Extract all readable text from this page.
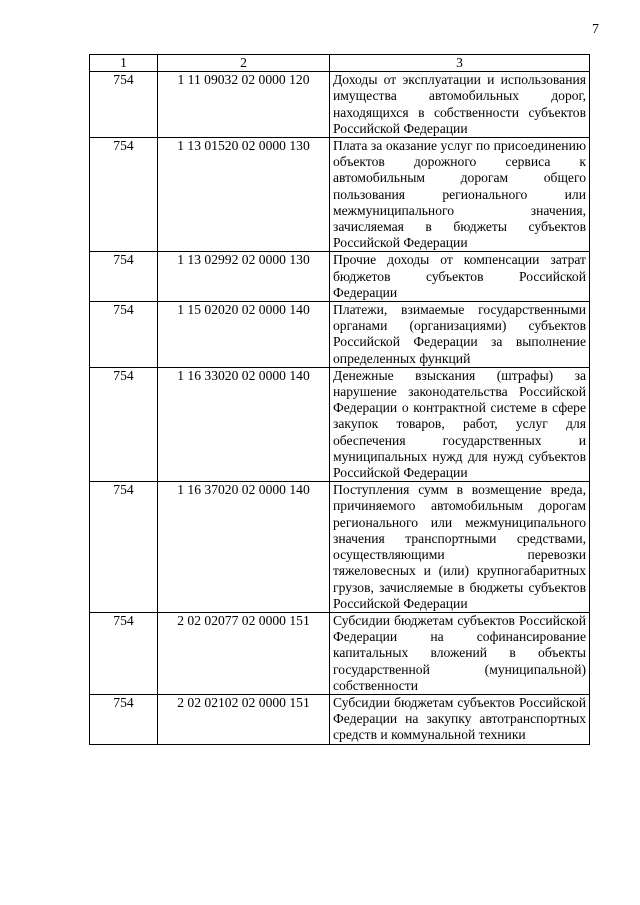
7
1	2	3
754	1 11 09032 02 0000 120	Доходы от эксплуатации и использования имущества автомобильных дорог, находящихся в собственности субъектов Российской Федерации
754	1 13 01520 02 0000 130	Плата за оказание услуг по присоединению объектов дорожного сервиса к автомобильным дорогам общего пользования регионального или межмуниципального значения, зачисляемая в бюджеты субъектов Российской Федерации
754	1 13 02992 02 0000 130	Прочие доходы от компенсации затрат бюджетов субъектов Российской Федерации
754	1 15 02020 02 0000 140	Платежи, взимаемые государственными органами (организациями) субъектов Российской Федерации за выполнение определенных функций
754	1 16 33020 02 0000 140	Денежные взыскания (штрафы) за нарушение законодательства Российской Федерации о контрактной системе в сфере закупок товаров, работ, услуг для обеспечения государственных и муниципальных нужд для нужд субъектов Российской Федерации
754	1 16 37020 02 0000 140	Поступления сумм в возмещение вреда, причиняемого автомобильным дорогам регионального или межмуниципального значения транспортными средствами, осуществляющими перевозки тяжеловесных и (или) крупногабаритных грузов, зачисляемые в бюджеты субъектов Российской Федерации
754	2 02 02077 02 0000 151	Субсидии бюджетам субъектов Российской Федерации на софинансирование капитальных вложений в объекты государственной (муниципальной) собственности
754	2 02 02102 02 0000 151	Субсидии бюджетам субъектов Российской Федерации на закупку автотранспортных средств и коммунальной техники
